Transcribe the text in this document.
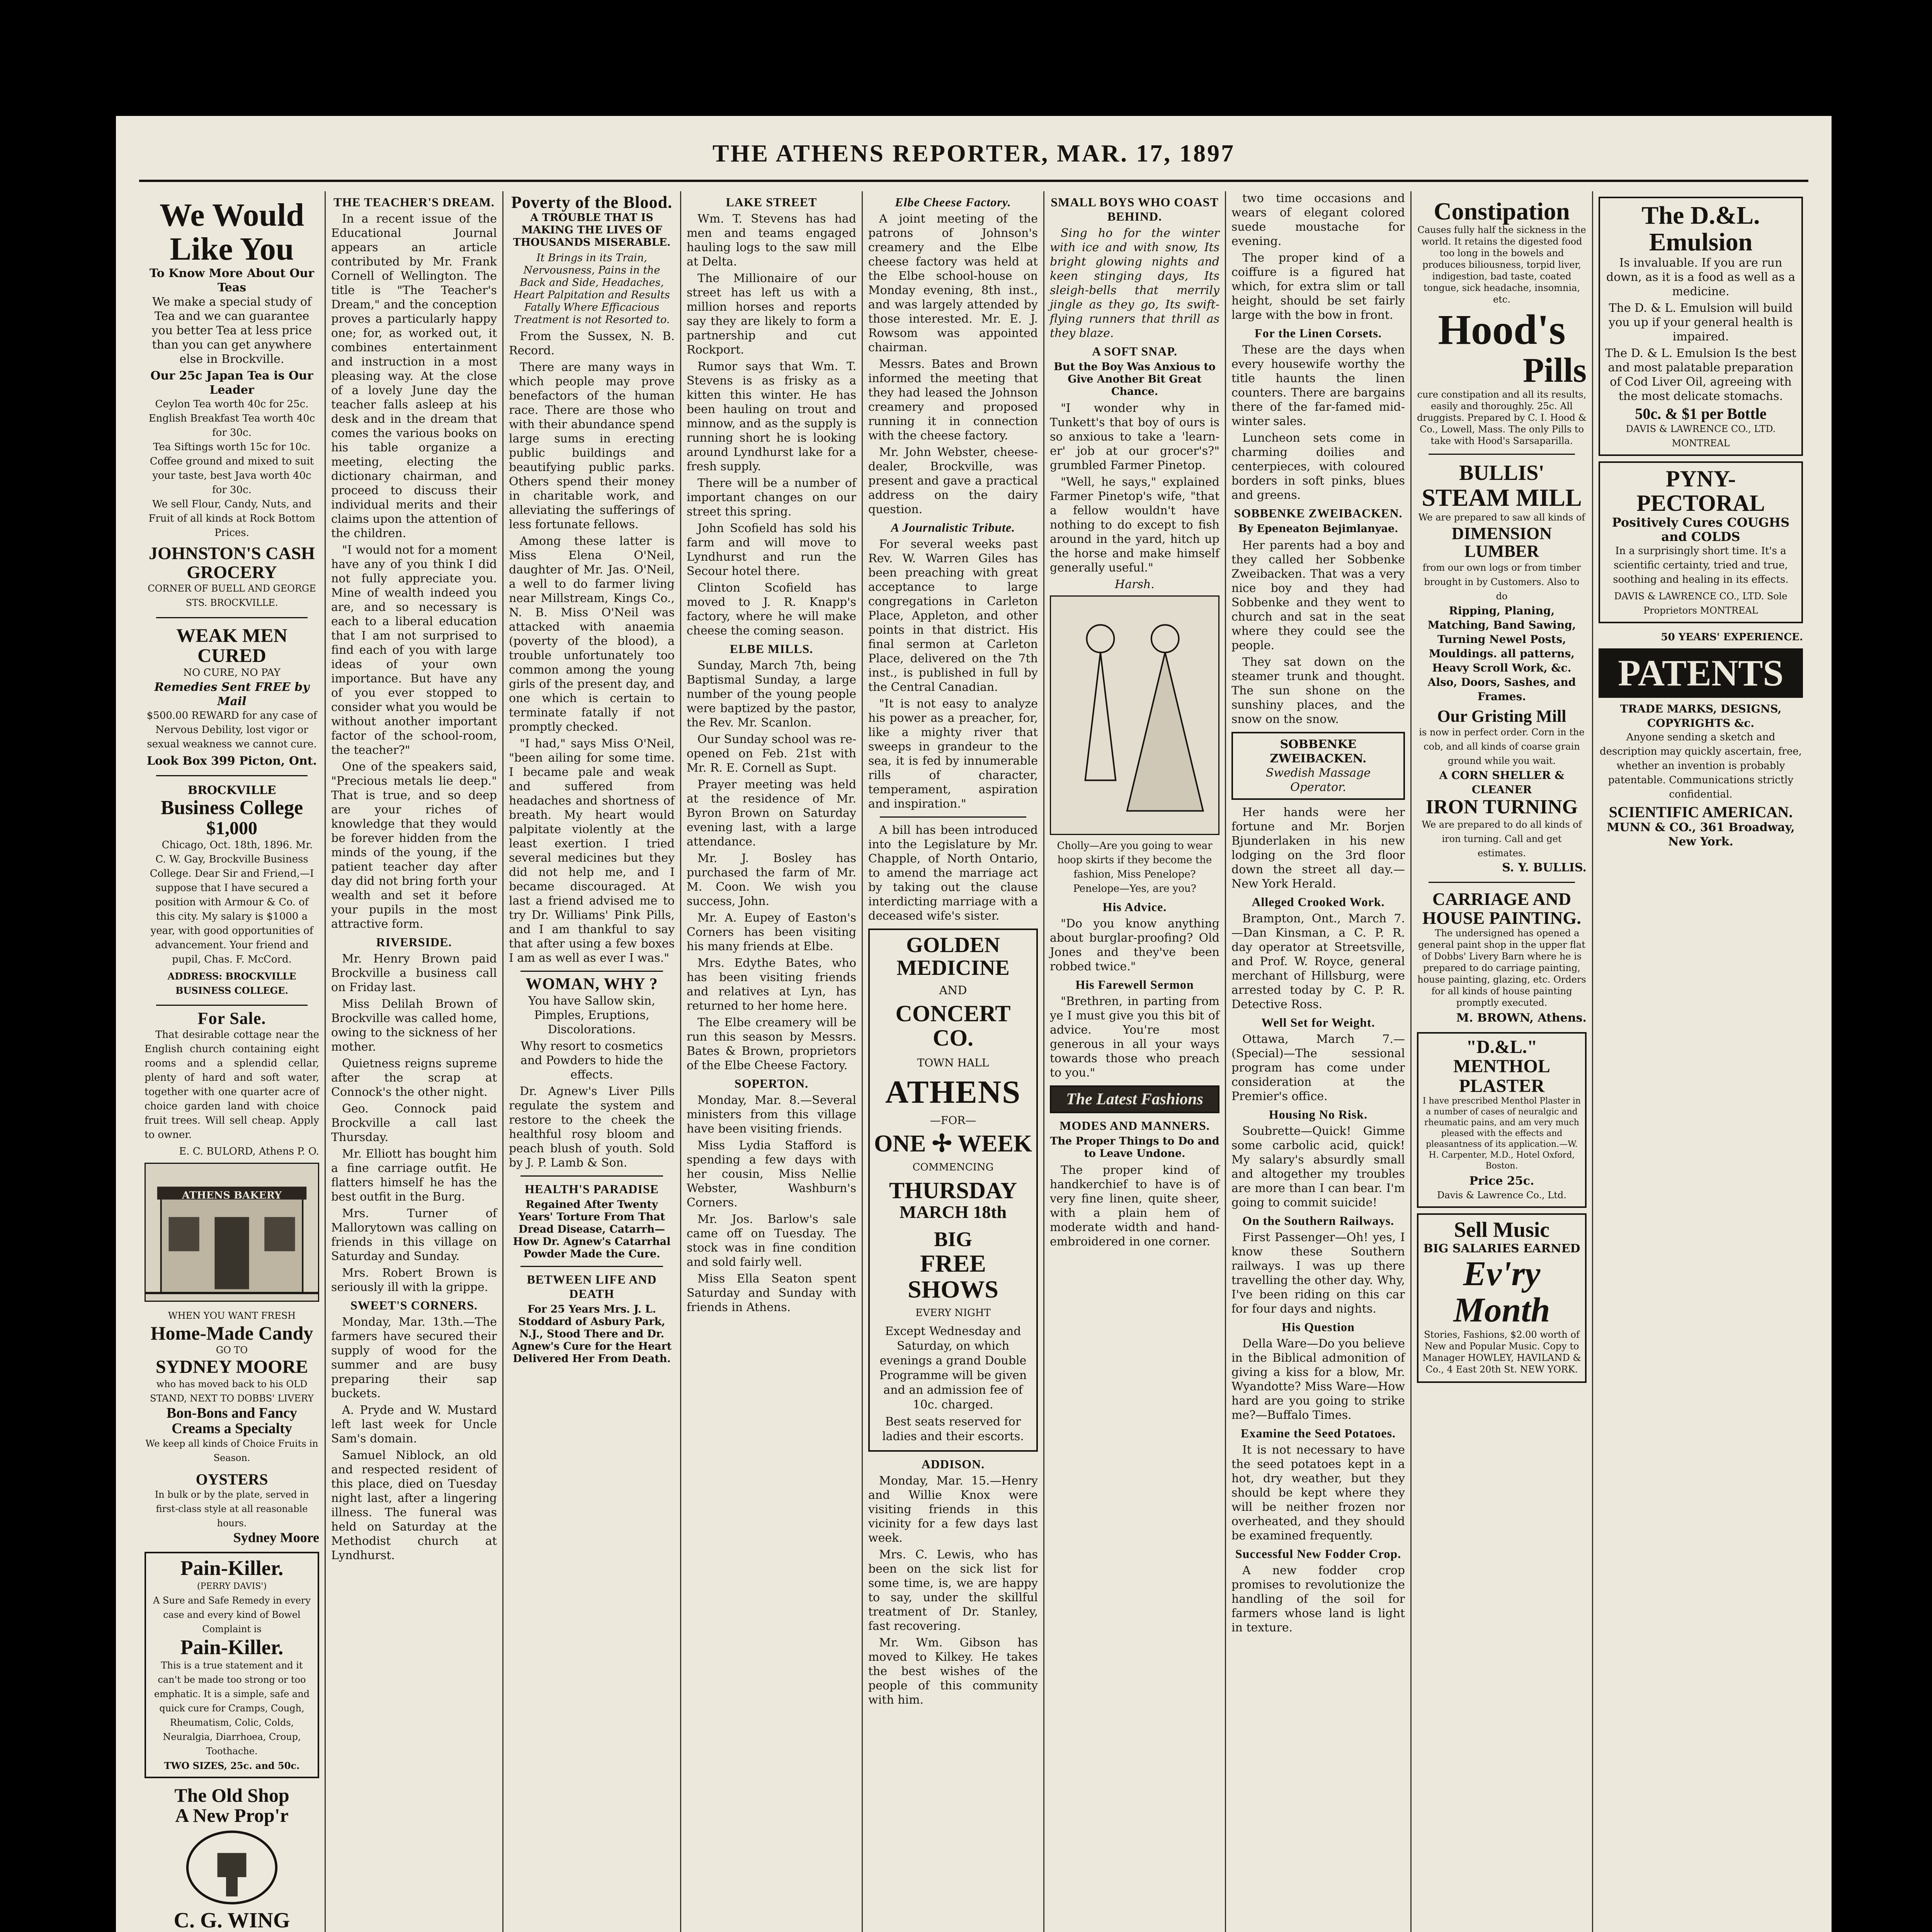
THE ATHENS REPORTER, MAR. 17, 1897
We Would Like You
To Know More About Our Teas

We make a special study of Tea and we can guarantee you better Tea at less price than you can get anywhere else in Brockville.

Our 25c Japan Tea is Our Leader
Ceylon Tea worth 40c for 25c.
English Breakfast Tea worth 40c for 30c.
Tea Siftings worth 15c for 10c.
Coffee ground and mixed to suit your taste, best Java worth 40c for 30c.
We sell Flour, Candy, Nuts, and Fruit of all kinds at Rock Bottom Prices.
JOHNSTON'S CASH GROCERY
CORNER OF BUELL AND GEORGE STS. BROCKVILLE.
WEAK MEN CURED
NO CURE, NO PAY
Remedies Sent FREE by Mail

$500.00 REWARD for any case of Nervous Debility, lost vigor or sexual weakness we cannot cure.

Look Box 399 Picton, Ont.
BROCKVILLE
Business College
$1,000

Chicago, Oct. 18th, 1896. Mr. C. W. Gay, Brockville Business College. Dear Sir and Friend,—I suppose that I have secured a position with Armour & Co. of this city. My salary is $1000 a year, with good opportunities of advancement. Your friend and pupil, Chas. F. McCord.

ADDRESS: BROCKVILLE BUSINESS COLLEGE.
For Sale.

That desirable cottage near the English church containing eight rooms and a splendid cellar, plenty of hard and soft water, together with one quarter acre of choice garden land with choice fruit trees. Will sell cheap. Apply to owner.

E. C. BULORD, Athens P. O.
ATHENS BAKERY
WHEN YOU WANT FRESH
Home-Made Candy
GO TO
SYDNEY MOORE
who has moved back to his OLD STAND, NEXT TO DOBBS' LIVERY
Bon-Bons and Fancy Creams a Specialty
We keep all kinds of Choice Fruits in Season.
OYSTERS
In bulk or by the plate, served in first-class style at all reasonable hours.
Sydney Moore
Pain-Killer.
(PERRY DAVIS')
A Sure and Safe Remedy in every case and every kind of Bowel Complaint is
Pain-Killer.
This is a true statement and it can't be made too strong or too emphatic. It is a simple, safe and quick cure for Cramps, Cough, Rheumatism, Colic, Colds, Neuralgia, Diarrhoea, Croup, Toothache.
TWO SIZES, 25c. and 50c.
The Old Shop
A New Prop'r
C. G. WING
THE TEACHER'S DREAM.

In a recent issue of the Educational Journal appears an article contributed by Mr. Frank Cornell of Wellington. The title is "The Teacher's Dream," and the conception proves a particularly happy one; for, as worked out, it combines entertainment and instruction in a most pleasing way. At the close of a lovely June day the teacher falls asleep at his desk and in the dream that comes the various books on his table organize a meeting, electing the dictionary chairman, and proceed to discuss their individual merits and their claims upon the attention of the children.

"I would not for a moment have any of you think I did not fully appreciate you. Mine of wealth indeed you are, and so necessary is each to a liberal education that I am not surprised to find each of you with large ideas of your own importance. But have any of you ever stopped to consider what you would be without another important factor of the school-room, the teacher?"

One of the speakers said, "Precious metals lie deep." That is true, and so deep are your riches of knowledge that they would be forever hidden from the minds of the young, if the patient teacher day after day did not bring forth your wealth and set it before your pupils in the most attractive form.

RIVERSIDE.

Mr. Henry Brown paid Brockville a business call on Friday last.

Miss Delilah Brown of Brockville was called home, owing to the sickness of her mother.

Quietness reigns supreme after the scrap at Connock's the other night.

Geo. Connock paid Brockville a call last Thursday.

Mr. Elliott has bought him a fine carriage outfit. He flatters himself he has the best outfit in the Burg.

Mrs. Turner of Mallorytown was calling on friends in this village on Saturday and Sunday.

Mrs. Robert Brown is seriously ill with la grippe.

SWEET'S CORNERS.

Monday, Mar. 13th.—The farmers have secured their supply of wood for the summer and are busy preparing their sap buckets.

A. Pryde and W. Mustard left last week for Uncle Sam's domain.

Samuel Niblock, an old and respected resident of this place, died on Tuesday night last, after a lingering illness. The funeral was held on Saturday at the Methodist church at Lyndhurst.

Poverty of the Blood.
A TROUBLE THAT IS MAKING THE LIVES OF THOUSANDS MISERABLE.
It Brings in its Train, Nervousness, Pains in the Back and Side, Headaches, Heart Palpitation and Results Fatally Where Efficacious Treatment is not Resorted to.

From the Sussex, N. B. Record.

There are many ways in which people may prove benefactors of the human race. There are those who with their abundance spend large sums in erecting public buildings and beautifying public parks. Others spend their money in charitable work, and alleviating the sufferings of less fortunate fellows.

Among these latter is Miss Elena O'Neil, daughter of Mr. Jas. O'Neil, a well to do farmer living near Millstream, Kings Co., N. B. Miss O'Neil was attacked with anaemia (poverty of the blood), a trouble unfortunately too common among the young girls of the present day, and one which is certain to terminate fatally if not promptly checked.

"I had," says Miss O'Neil, "been ailing for some time. I became pale and weak and suffered from headaches and shortness of breath. My heart would palpitate violently at the least exertion. I tried several medicines but they did not help me, and I became discouraged. At last a friend advised me to try Dr. Williams' Pink Pills, and I am thankful to say that after using a few boxes I am as well as ever I was."

WOMAN, WHY ?

You have Sallow skin, Pimples, Eruptions, Discolorations.

Why resort to cosmetics and Powders to hide the effects.

Dr. Agnew's Liver Pills regulate the system and restore to the cheek the healthful rosy bloom and peach blush of youth. Sold by J. P. Lamb & Son.

HEALTH'S PARADISE
Regained After Twenty Years' Torture From That Dread Disease, Catarrh—How Dr. Agnew's Catarrhal Powder Made the Cure.
BETWEEN LIFE AND DEATH
For 25 Years Mrs. J. L. Stoddard of Asbury Park, N.J., Stood There and Dr. Agnew's Cure for the Heart Delivered Her From Death.
LAKE STREET

Wm. T. Stevens has had men and teams engaged hauling logs to the saw mill at Delta.

The Millionaire of our street has left us with a million horses and reports say they are likely to form a partnership and cut Rockport.

Rumor says that Wm. T. Stevens is as frisky as a kitten this winter. He has been hauling on trout and minnow, and as the supply is running short he is looking around Lyndhurst lake for a fresh supply.

There will be a number of important changes on our street this spring.

John Scofield has sold his farm and will move to Lyndhurst and run the Secour hotel there.

Clinton Scofield has moved to J. R. Knapp's factory, where he will make cheese the coming season.

ELBE MILLS.

Sunday, March 7th, being Baptismal Sunday, a large number of the young people were baptized by the pastor, the Rev. Mr. Scanlon.

Our Sunday school was re-opened on Feb. 21st with Mr. R. E. Cornell as Supt.

Prayer meeting was held at the residence of Mr. Byron Brown on Saturday evening last, with a large attendance.

Mr. J. Bosley has purchased the farm of Mr. M. Coon. We wish you success, John.

Mr. A. Eupey of Easton's Corners has been visiting his many friends at Elbe.

Mrs. Edythe Bates, who has been visiting friends and relatives at Lyn, has returned to her home here.

The Elbe creamery will be run this season by Messrs. Bates & Brown, proprietors of the Elbe Cheese Factory.

SOPERTON.

Monday, Mar. 8.—Several ministers from this village have been visiting friends.

Miss Lydia Stafford is spending a few days with her cousin, Miss Nellie Webster, Washburn's Corners.

Mr. Jos. Barlow's sale came off on Tuesday. The stock was in fine condition and sold fairly well.

Miss Ella Seaton spent Saturday and Sunday with friends in Athens.

Elbe Cheese Factory.

A joint meeting of the patrons of Johnson's creamery and the Elbe cheese factory was held at the Elbe school-house on Monday evening, 8th inst., and was largely attended by those interested. Mr. E. J. Rowsom was appointed chairman.

Messrs. Bates and Brown informed the meeting that they had leased the Johnson creamery and proposed running it in connection with the cheese factory.

Mr. John Webster, cheese-dealer, Brockville, was present and gave a practical address on the dairy question.

A Journalistic Tribute.

For several weeks past Rev. W. Warren Giles has been preaching with great acceptance to large congregations in Carleton Place, Appleton, and other points in that district. His final sermon at Carleton Place, delivered on the 7th inst., is published in full by the Central Canadian.

"It is not easy to analyze his power as a preacher, for, like a mighty river that sweeps in grandeur to the sea, it is fed by innumerable rills of character, temperament, aspiration and inspiration."

A bill has been introduced into the Legislature by Mr. Chapple, of North Ontario, to amend the marriage act by taking out the clause interdicting marriage with a deceased wife's sister.

GOLDEN MEDICINE
AND
CONCERT CO.
TOWN HALL
ATHENS
—FOR—
ONE ✢ WEEK
COMMENCING
THURSDAY
MARCH 18th
BIG
FREE SHOWS
EVERY NIGHT

Except Wednesday and Saturday, on which evenings a grand Double Programme will be given and an admission fee of 10c. charged.

Best seats reserved for ladies and their escorts.

ADDISON.

Monday, Mar. 15.—Henry and Willie Knox were visiting friends in this vicinity for a few days last week.

Mrs. C. Lewis, who has been on the sick list for some time, is, we are happy to say, under the skillful treatment of Dr. Stanley, fast recovering.

Mr. Wm. Gibson has moved to Kilkey. He takes the best wishes of the people of this community with him.

SMALL BOYS WHO COAST BEHIND.

Sing ho for the winter with ice and with snow, Its bright glowing nights and keen stinging days, Its sleigh-bells that merrily jingle as they go, Its swift-flying runners that thrill as they blaze.

A SOFT SNAP.
But the Boy Was Anxious to Give Another Bit Great Chance.

"I wonder why in Tunkett's that boy of ours is so anxious to take a 'learn-er' job at our grocer's?" grumbled Farmer Pinetop.

"Well, he says," explained Farmer Pinetop's wife, "that a fellow wouldn't have nothing to do except to fish around in the yard, hitch up the horse and make himself generally useful."

Harsh.
Cholly—Are you going to wear hoop skirts if they become the fashion, Miss Penelope? Penelope—Yes, are you?
His Advice.

"Do you know anything about burglar-proofing? Old Jones and they've been robbed twice."

His Farewell Sermon

"Brethren, in parting from ye I must give you this bit of advice. You're most generous in all your ways towards those who preach to you."

The Latest Fashions
MODES AND MANNERS.
The Proper Things to Do and to Leave Undone.

The proper kind of handkerchief to have is of very fine linen, quite sheer, with a plain hem of moderate width and hand-embroidered in one corner.

two time occasions and wears of elegant colored suede moustache for evening.

The proper kind of a coiffure is a figured hat which, for extra slim or tall height, should be set fairly large with the bow in front.

For the Linen Corsets.

These are the days when every housewife worthy the title haunts the linen counters. There are bargains there of the far-famed mid-winter sales.

Luncheon sets come in charming doilies and centerpieces, with coloured borders in soft pinks, blues and greens.

SOBBENKE ZWEIBACKEN.
By Epeneaton Bejimlanyae.

Her parents had a boy and they called her Sobbenke Zweibacken. That was a very nice boy and they had Sobbenke and they went to church and sat in the seat where they could see the people.

They sat down on the steamer trunk and thought. The sun shone on the sunshiny places, and the snow on the snow.

SOBBENKE ZWEIBACKEN.
Swedish Massage Operator.

Her hands were her fortune and Mr. Borjen Bjunderlaken in his new lodging on the 3rd floor down the street all day.—New York Herald.

Alleged Crooked Work.

Brampton, Ont., March 7.—Dan Kinsman, a C. P. R. day operator at Streetsville, and Prof. W. Royce, general merchant of Hillsburg, were arrested today by C. P. R. Detective Ross.

Well Set for Weight.

Ottawa, March 7.—(Special)—The sessional program has come under consideration at the Premier's office.

Housing No Risk.

Soubrette—Quick! Gimme some carbolic acid, quick! My salary's absurdly small and altogether my troubles are more than I can bear. I'm going to commit suicide!

On the Southern Railways.

First Passenger—Oh! yes, I know these Southern railways. I was up there travelling the other day. Why, I've been riding on this car for four days and nights.

His Question

Della Ware—Do you believe in the Biblical admonition of giving a kiss for a blow, Mr. Wyandotte? Miss Ware—How hard are you going to strike me?—Buffalo Times.

Examine the Seed Potatoes.

It is not necessary to have the seed potatoes kept in a hot, dry weather, but they should be kept where they will be neither frozen nor overheated, and they should be examined frequently.

Successful New Fodder Crop.

A new fodder crop promises to revolutionize the handling of the soil for farmers whose land is light in texture.

Constipation

Causes fully half the sickness in the world. It retains the digested food too long in the bowels and produces biliousness, torpid liver, indigestion, bad taste, coated tongue, sick headache, insomnia, etc.

Hood's
Pills

cure constipation and all its results, easily and thoroughly. 25c. All druggists. Prepared by C. I. Hood & Co., Lowell, Mass. The only Pills to take with Hood's Sarsaparilla.

BULLIS'
STEAM MILL
We are prepared to saw all kinds of
DIMENSION LUMBER
from our own logs or from timber brought in by Customers. Also to do
Ripping, Planing, Matching, Band Sawing, Turning Newel Posts, Mouldings. all patterns, Heavy Scroll Work, &c. Also, Doors, Sashes, and Frames.
Our Gristing Mill
is now in perfect order. Corn in the cob, and all kinds of coarse grain ground while you wait.
A CORN SHELLER & CLEANER
IRON TURNING
We are prepared to do all kinds of iron turning. Call and get estimates.
S. Y. BULLIS.
CARRIAGE AND HOUSE PAINTING.

The undersigned has opened a general paint shop in the upper flat of Dobbs' Livery Barn where he is prepared to do carriage painting, house painting, glazing, etc. Orders for all kinds of house painting promptly executed.

M. BROWN, Athens.
"D.&L." MENTHOL PLASTER

I have prescribed Menthol Plaster in a number of cases of neuralgic and rheumatic pains, and am very much pleased with the effects and pleasantness of its application.—W. H. Carpenter, M.D., Hotel Oxford, Boston.

Price 25c.
Davis & Lawrence Co., Ltd.
Sell Music
BIG SALARIES EARNED
Ev'ry Month

Stories, Fashions, $2.00 worth of New and Popular Music. Copy to Manager HOWLEY, HAVILAND & Co., 4 East 20th St. NEW YORK.

The D.&L. Emulsion

Is invaluable. If you are run down, as it is a food as well as a medicine.

The D. & L. Emulsion will build you up if your general health is impaired.

The D. & L. Emulsion Is the best and most palatable preparation of Cod Liver Oil, agreeing with the most delicate stomachs.

50c. & $1 per Bottle
DAVIS & LAWRENCE CO., LTD. MONTREAL
PYNY-PECTORAL
Positively Cures COUGHS and COLDS

In a surprisingly short time. It's a scientific certainty, tried and true, soothing and healing in its effects.

DAVIS & LAWRENCE CO., LTD. Sole Proprietors MONTREAL
50 YEARS' EXPERIENCE.
PATENTS
TRADE MARKS, DESIGNS, COPYRIGHTS &c.

Anyone sending a sketch and description may quickly ascertain, free, whether an invention is probably patentable. Communications strictly confidential.

SCIENTIFIC AMERICAN.
MUNN & CO., 361 Broadway, New York.
